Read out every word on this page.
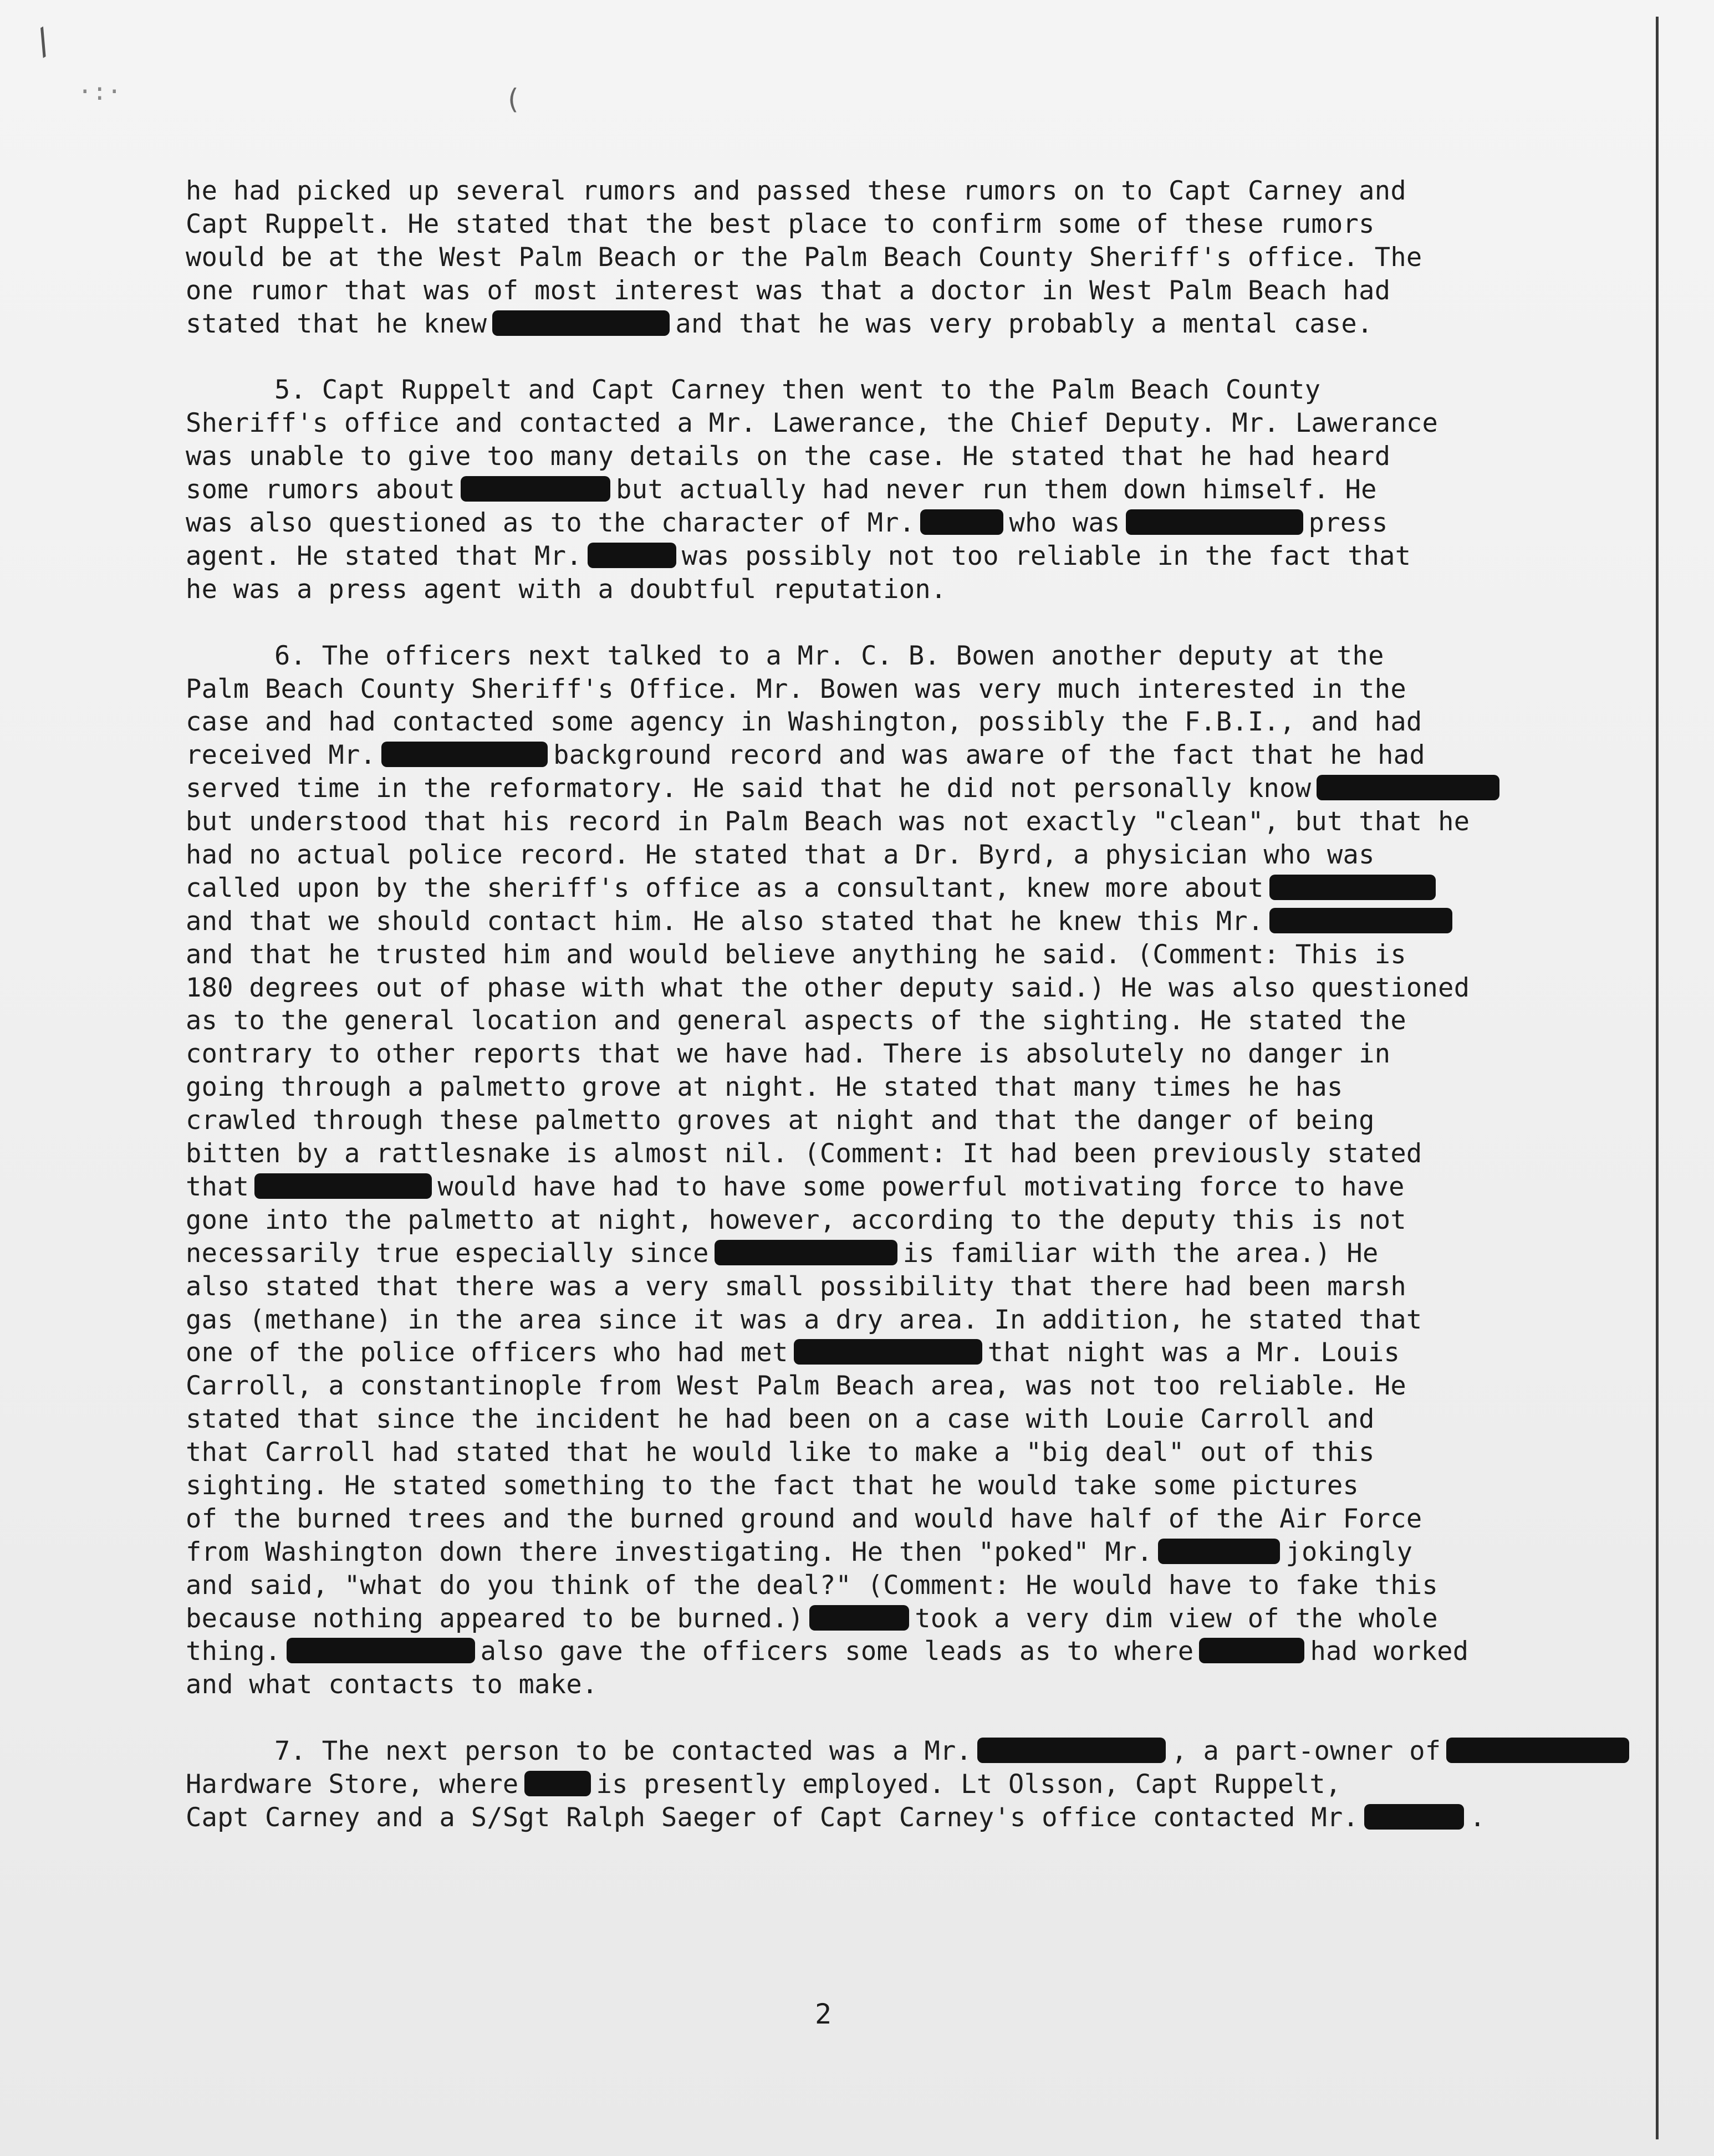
/
·:·	(
he had picked up several rumors and passed these rumors on to Capt Carney and
Capt Ruppelt. He stated that the best place to confirm some of these rumors
would be at the West Palm Beach or the Palm Beach County Sheriff's office. The
one rumor that was of most interest was that a doctor in West Palm Beach had
stated that he knew	and that he was very probably a mental case.
5. Capt Ruppelt and Capt Carney then went to the Palm Beach County
Sheriff's office and contacted a Mr. Lawerance, the Chief Deputy. Mr. Lawerance
was unable to give too many details on the case. He stated that he had heard
some rumors about	but actually had never run them down himself. He
was also questioned as to the character of Mr.	who was	press
agent. He stated that Mr.	was possibly not too reliable in the fact that
he was a press agent with a doubtful reputation.
6. The officers next talked to a Mr. C. B. Bowen another deputy at the
Palm Beach County Sheriff's Office. Mr. Bowen was very much interested in the
case and had contacted some agency in Washington, possibly the F.B.I., and had
received Mr.	background record and was aware of the fact that he had
served time in the reformatory. He said that he did not personally know
but understood that his record in Palm Beach was not exactly "clean", but that he
had no actual police record. He stated that a Dr. Byrd, a physician who was
called upon by the sheriff's office as a consultant, knew more about
and that we should contact him. He also stated that he knew this Mr.
and that he trusted him and would believe anything he said. (Comment: This is
180 degrees out of phase with what the other deputy said.) He was also questioned
as to the general location and general aspects of the sighting. He stated the
contrary to other reports that we have had. There is absolutely no danger in
going through a palmetto grove at night. He stated that many times he has
crawled through these palmetto groves at night and that the danger of being
bitten by a rattlesnake is almost nil. (Comment: It had been previously stated
that	would have had to have some powerful motivating force to have
gone into the palmetto at night, however, according to the deputy this is not
necessarily true especially since	is familiar with the area.) He
also stated that there was a very small possibility that there had been marsh
gas (methane) in the area since it was a dry area. In addition, he stated that
one of the police officers who had met	that night was a Mr. Louis
Carroll, a constantinople from West Palm Beach area, was not too reliable. He
stated that since the incident he had been on a case with Louie Carroll and
that Carroll had stated that he would like to make a "big deal" out of this
sighting. He stated something to the fact that he would take some pictures
of the burned trees and the burned ground and would have half of the Air Force
from Washington down there investigating. He then "poked" Mr.	jokingly
and said, "what do you think of the deal?" (Comment: He would have to fake this
because nothing appeared to be burned.)	took a very dim view of the whole
thing.	also gave the officers some leads as to where	had worked
and what contacts to make.
7. The next person to be contacted was a Mr.	, a part-owner of
Hardware Store, where	is presently employed. Lt Olsson, Capt Ruppelt,
Capt Carney and a S/Sgt Ralph Saeger of Capt Carney's office contacted Mr.	.
2
